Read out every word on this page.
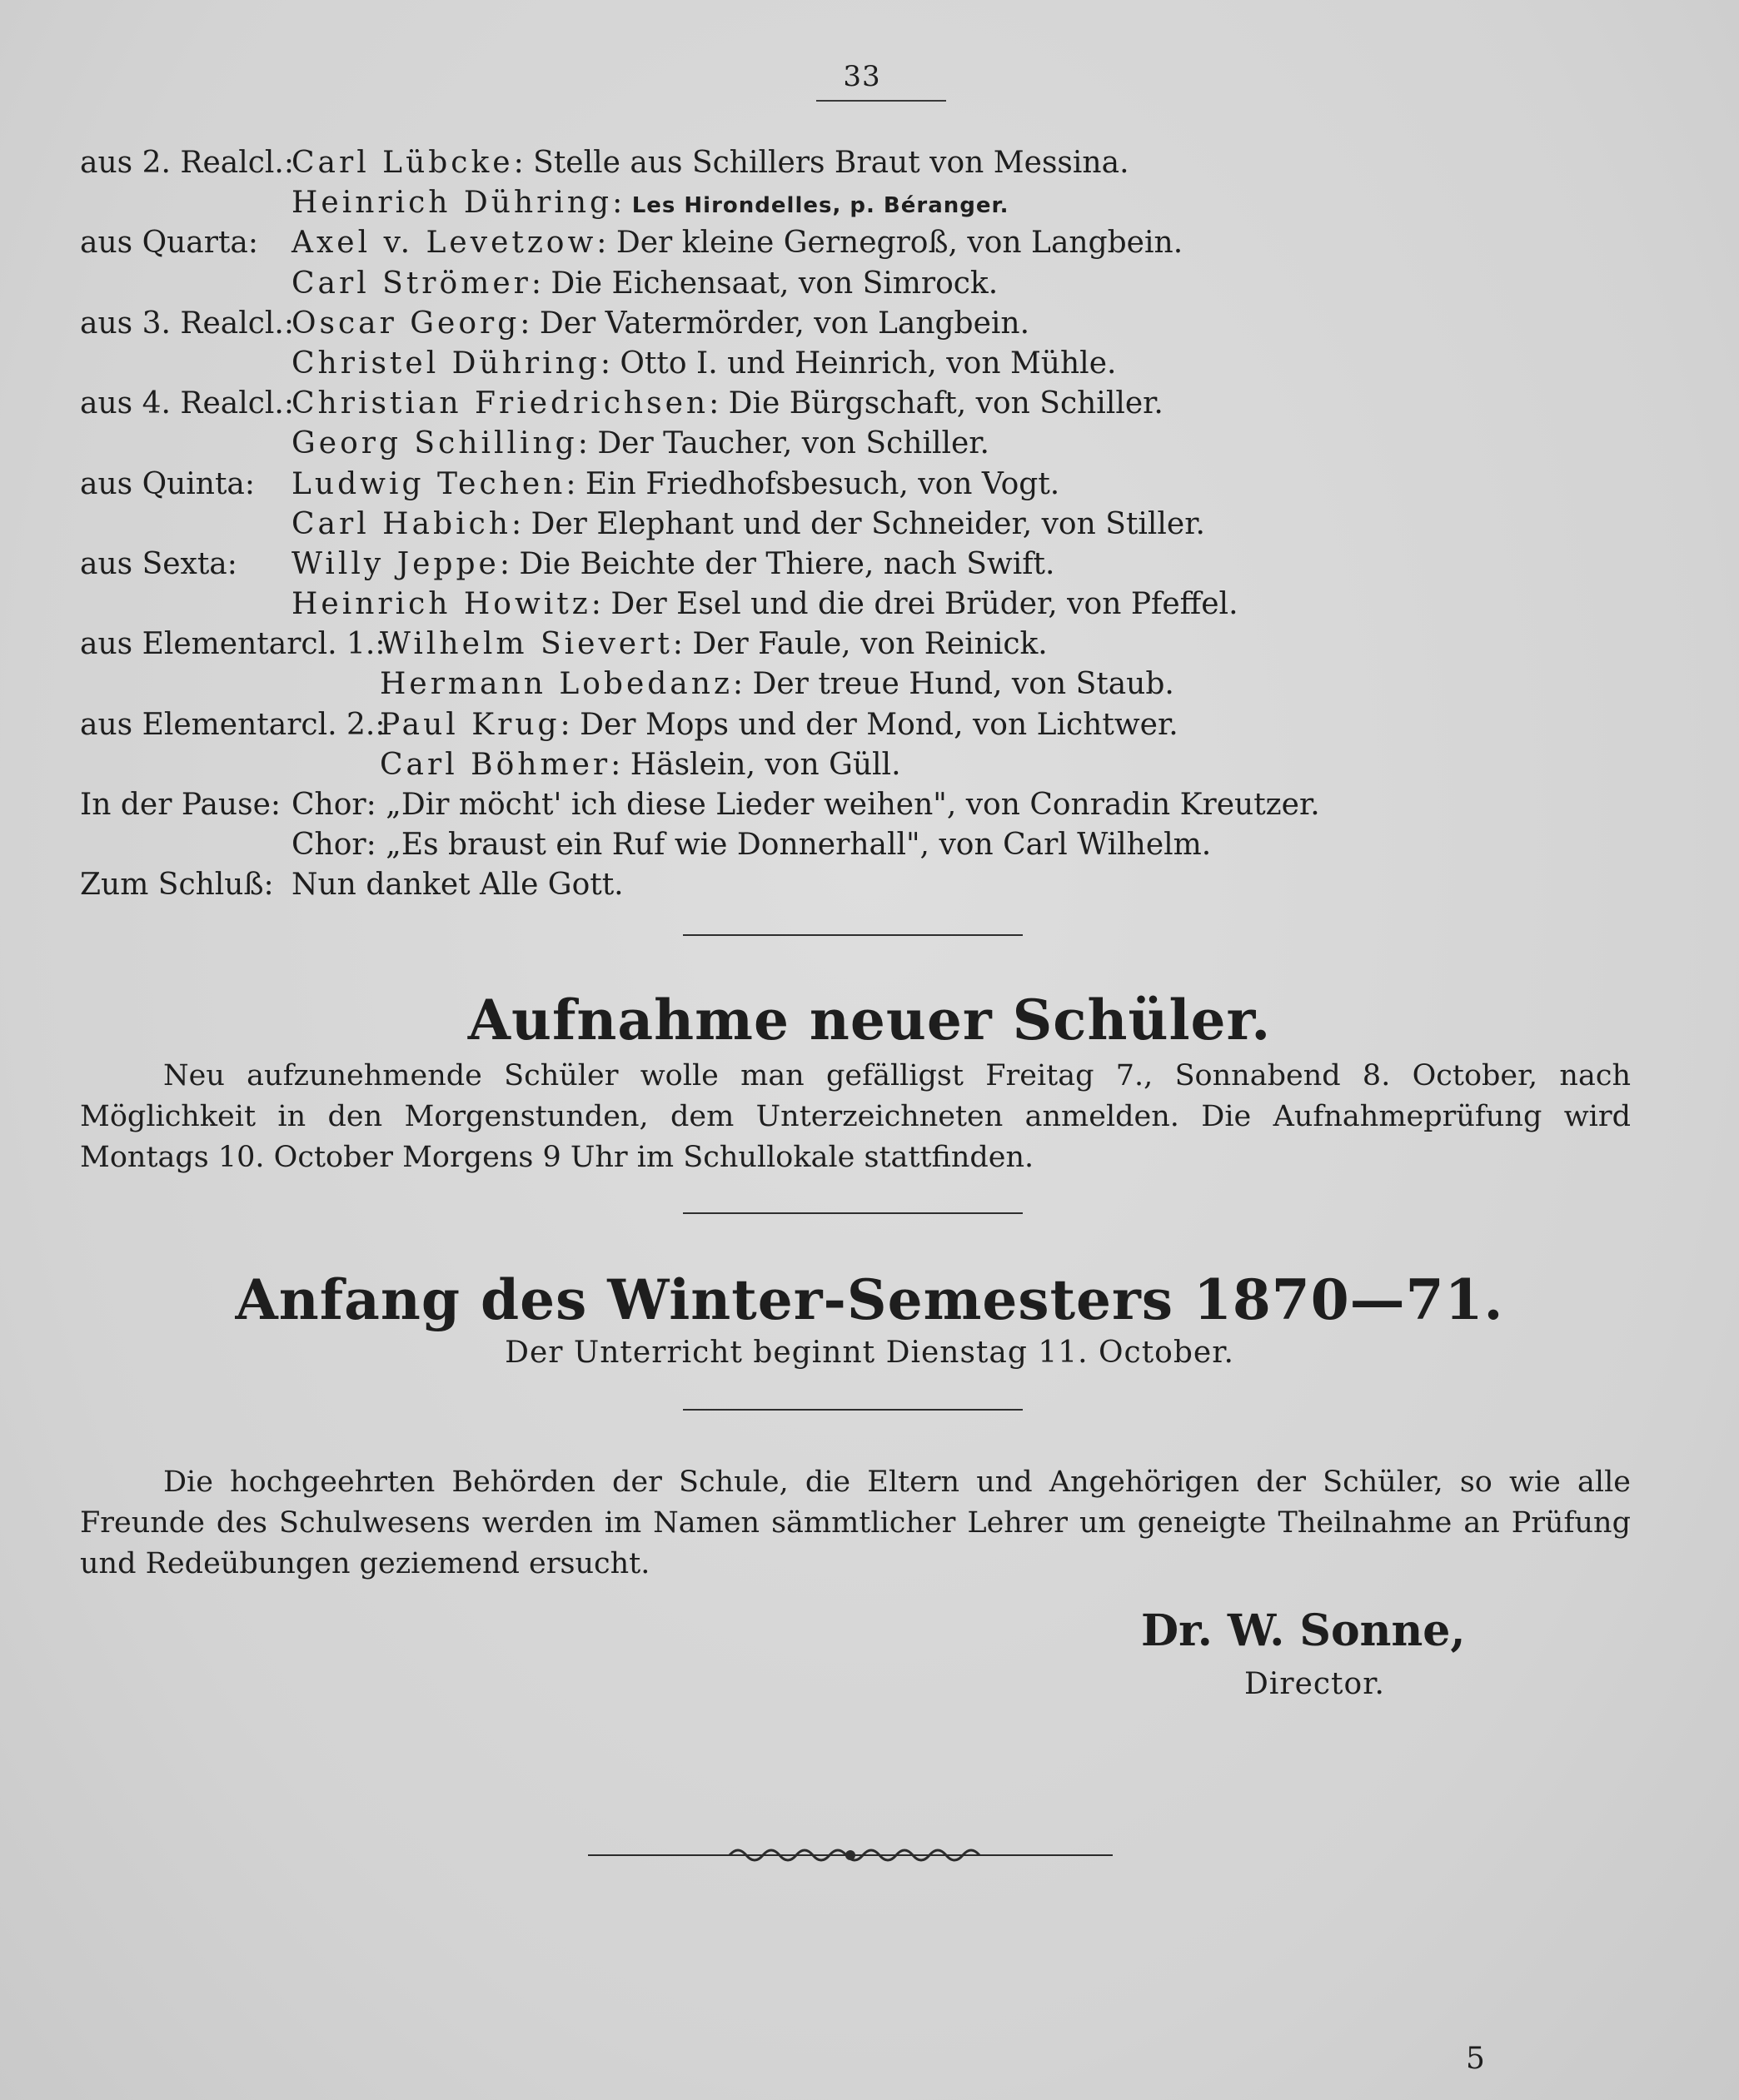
33
aus 2. Realcl.:
Carl Lübcke: Stelle aus Schillers Braut von Messina.
Heinrich Dühring: Les Hirondelles, p. Béranger.
aus Quarta: Axel v. Levetzow: Der kleine Gernegroß, von Langbein.
Carl Strömer: Die Eichensaat, von Simrock.
aus 3. Realcl.:
Oscar Georg: Der Vatermörder, von Langbein.
Christel Dühring: Otto I. und Heinrich, von Mühle.
aus 4. Realcl.:
Christian Friedrichsen: Die Bürgschaft, von Schiller.
Georg Schilling: Der Taucher, von Schiller.
aus Quinta: Ludwig Techen: Ein Friedhofsbesuch, von Vogt.
Carl Habich: Der Elephant und der Schneider, von Stiller.
aus Sexta: Willy Jeppe: Die Beichte der Thiere, nach Swift.
Heinrich Howitz: Der Esel und die drei Brüder, von Pfeffel.
aus Elementarcl. 1.:
Wilhelm Sievert: Der Faule, von Reinick.
Hermann Lobedanz: Der treue Hund, von Staub.
aus Elementarcl. 2.:
Paul Krug: Der Mops und der Mond, von Lichtwer.
Carl Böhmer: Häslein, von Güll.
In der Pause: Chor: „Dir möcht' ich diese Lieder weihen", von Conradin Kreutzer.
Chor: „Es braust ein Ruf wie Donnerhall", von Carl Wilhelm.
Zum Schluß: Nun danket Alle Gott.
Aufnahme neuer Schüler.
Neu aufzunehmende Schüler wolle man gefälligst Freitag 7., Sonnabend 8. October, nach Möglichkeit in den Morgenstunden, dem Unterzeichneten anmelden. Die Aufnahmeprüfung wird Montags 10. October Morgens 9 Uhr im Schullokale stattfinden.
Anfang des Winter-Semesters 1870—71.
Der Unterricht beginnt Dienstag 11. October.
Die hochgeehrten Behörden der Schule, die Eltern und Angehörigen der Schüler, so wie alle Freunde des Schulwesens werden im Namen sämmtlicher Lehrer um geneigte Theilnahme an Prüfung und Redeübungen geziemend ersucht.
Dr. W. Sonne,
Director.
5
